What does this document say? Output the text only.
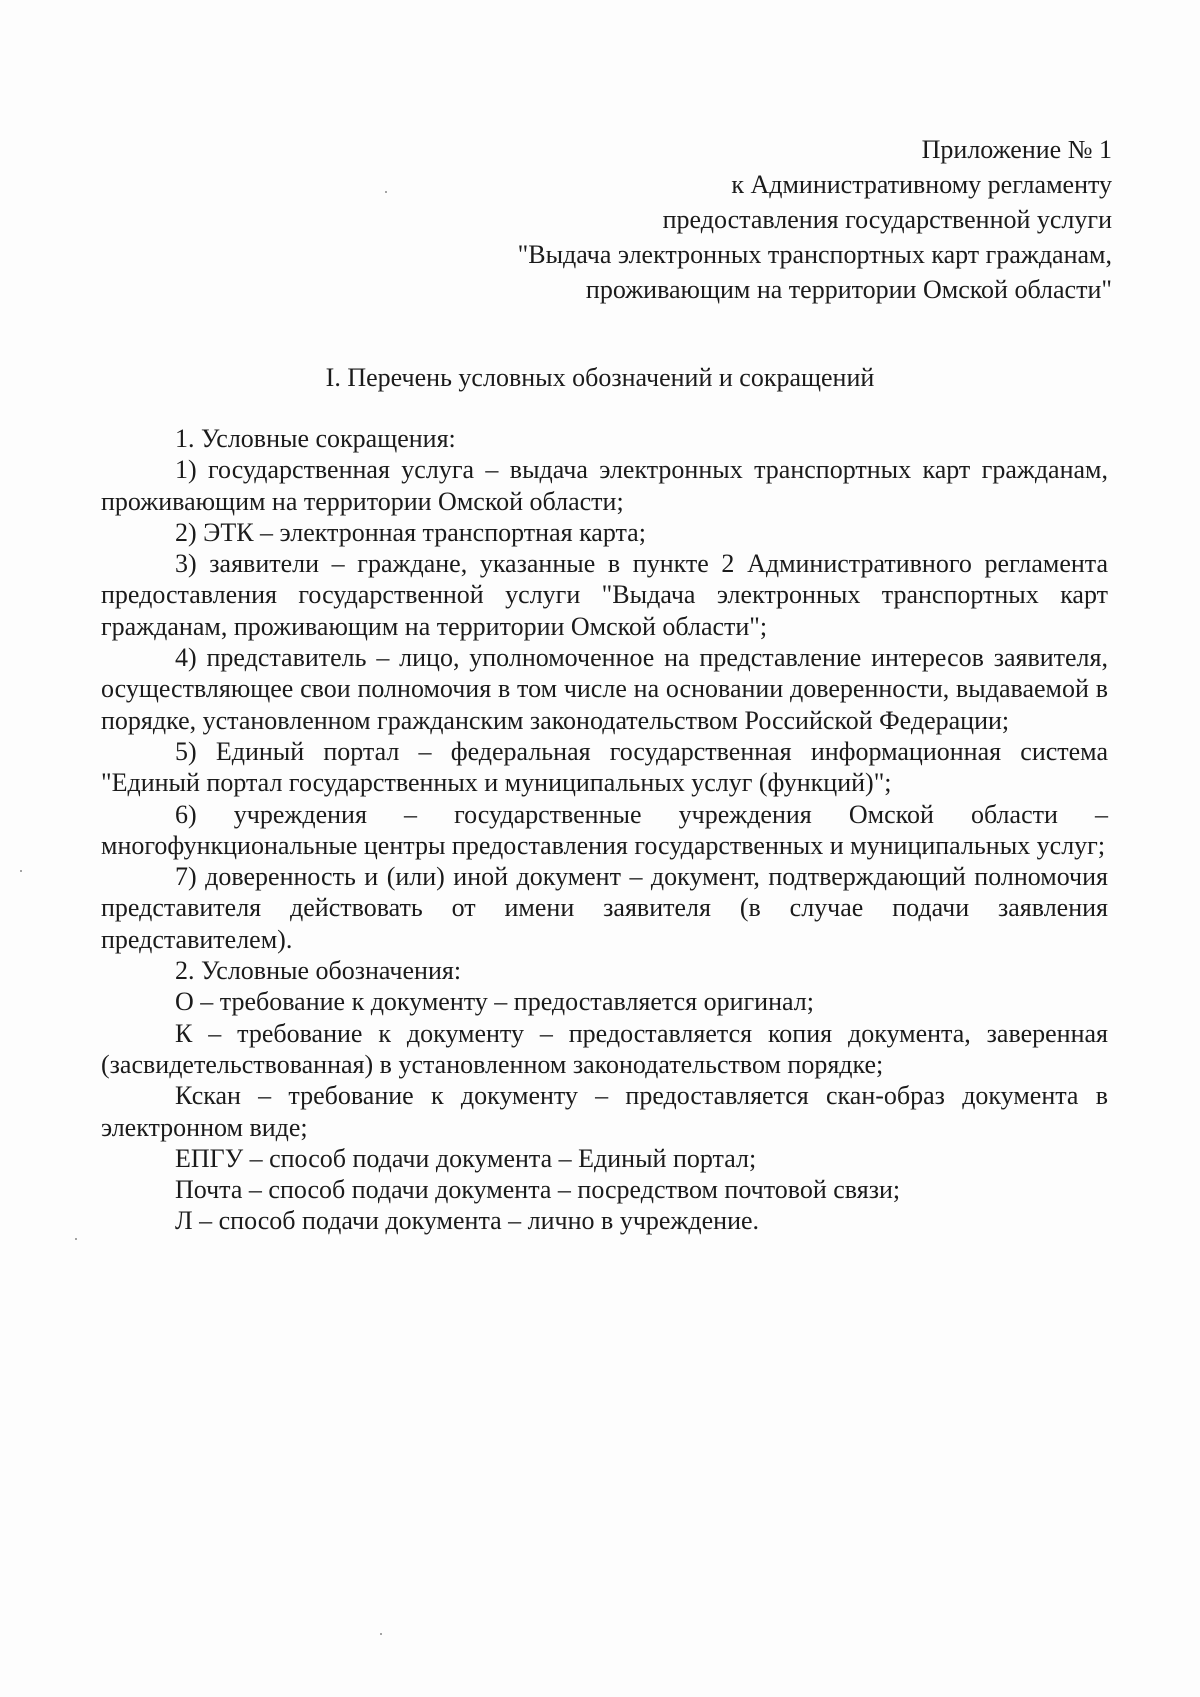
Приложение № 1
к Административному регламенту
предоставления государственной услуги
"Выдача электронных транспортных карт гражданам,
проживающим на территории Омской области"
I. Перечень условных обозначений и сокращений

1. Условные сокращения:

1) государственная услуга – выдача электронных транспортных карт гражданам, проживающим на территории Омской области;

2) ЭТК – электронная транспортная карта;

3) заявители – граждане, указанные в пункте 2 Административного регламента предоставления государственной услуги "Выдача электронных транспортных карт гражданам, проживающим на территории Омской области";

4) представитель – лицо, уполномоченное на представление интересов заявителя, осуществляющее свои полномочия в том числе на основании доверенности, выдаваемой в порядке, установленном гражданским законодательством Российской Федерации;

5) Единый портал – федеральная государственная информационная система "Единый портал государственных и муниципальных услуг (функций)";

6) учреждения – государственные учреждения Омской области – многофункциональные центры предоставления государственных и муниципальных услуг;

7) доверенность и (или) иной документ – документ, подтверждающий полномочия представителя действовать от имени заявителя (в случае подачи заявления представителем).

2. Условные обозначения:

О – требование к документу – предоставляется оригинал;

К – требование к документу – предоставляется копия документа, заверенная (засвидетельствованная) в установленном законодательством порядке;

Кскан – требование к документу – предоставляется скан-образ документа в электронном виде;

ЕПГУ – способ подачи документа – Единый портал;

Почта – способ подачи документа – посредством почтовой связи;

Л – способ подачи документа – лично в учреждение.
